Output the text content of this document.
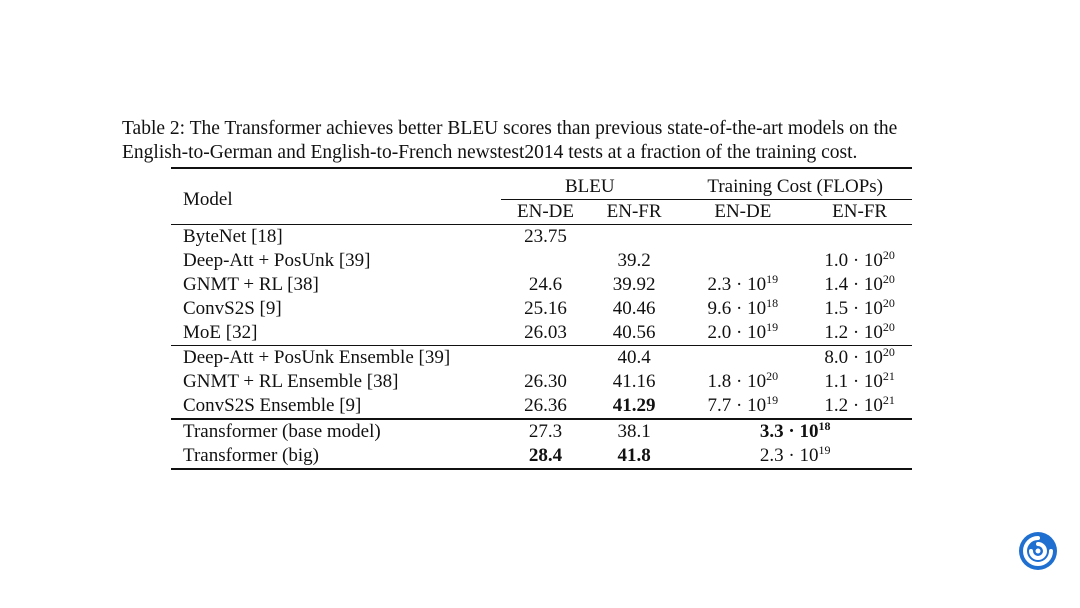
Table 2: The Transformer achieves better BLEU scores than previous state-of-the-art models on the
English-to-German and English-to-French newstest2014 tests at a fraction of the training cost.
Model	BLEU		Training Cost (FLOPs)	
	EN-DE	EN-FR	EN-DE	EN-FR
ByteNet [18]	23.75			
Deep-Att + PosUnk [39]		39.2		$1.0 \cdot 10^{20}$
GNMT + RL [38]	24.6	39.92	$2.3 \cdot 10^{19}$	$1.4 \cdot 10^{20}$
ConvS2S [9]	25.16	40.46	$9.6 \cdot 10^{18}$	$1.5 \cdot 10^{20}$
MoE [32]	26.03	40.56	$2.0 \cdot 10^{19}$	$1.2 \cdot 10^{20}$
Deep-Att + PosUnk Ensemble [39]		40.4		$8.0 \cdot 10^{20}$
GNMT + RL Ensemble [38]	26.30	41.16	$1.8 \cdot 10^{20}$	$1.1 \cdot 10^{21}$
ConvS2S Ensemble [9]	26.36	41.29	$7.7 \cdot 10^{19}$	$1.2 \cdot 10^{21}$
Transformer (base model)	27.3	38.1	$3.3 \cdot 10^{18}$
Transformer (big)	28.4	41.8	$2.3 \cdot 10^{19}$
